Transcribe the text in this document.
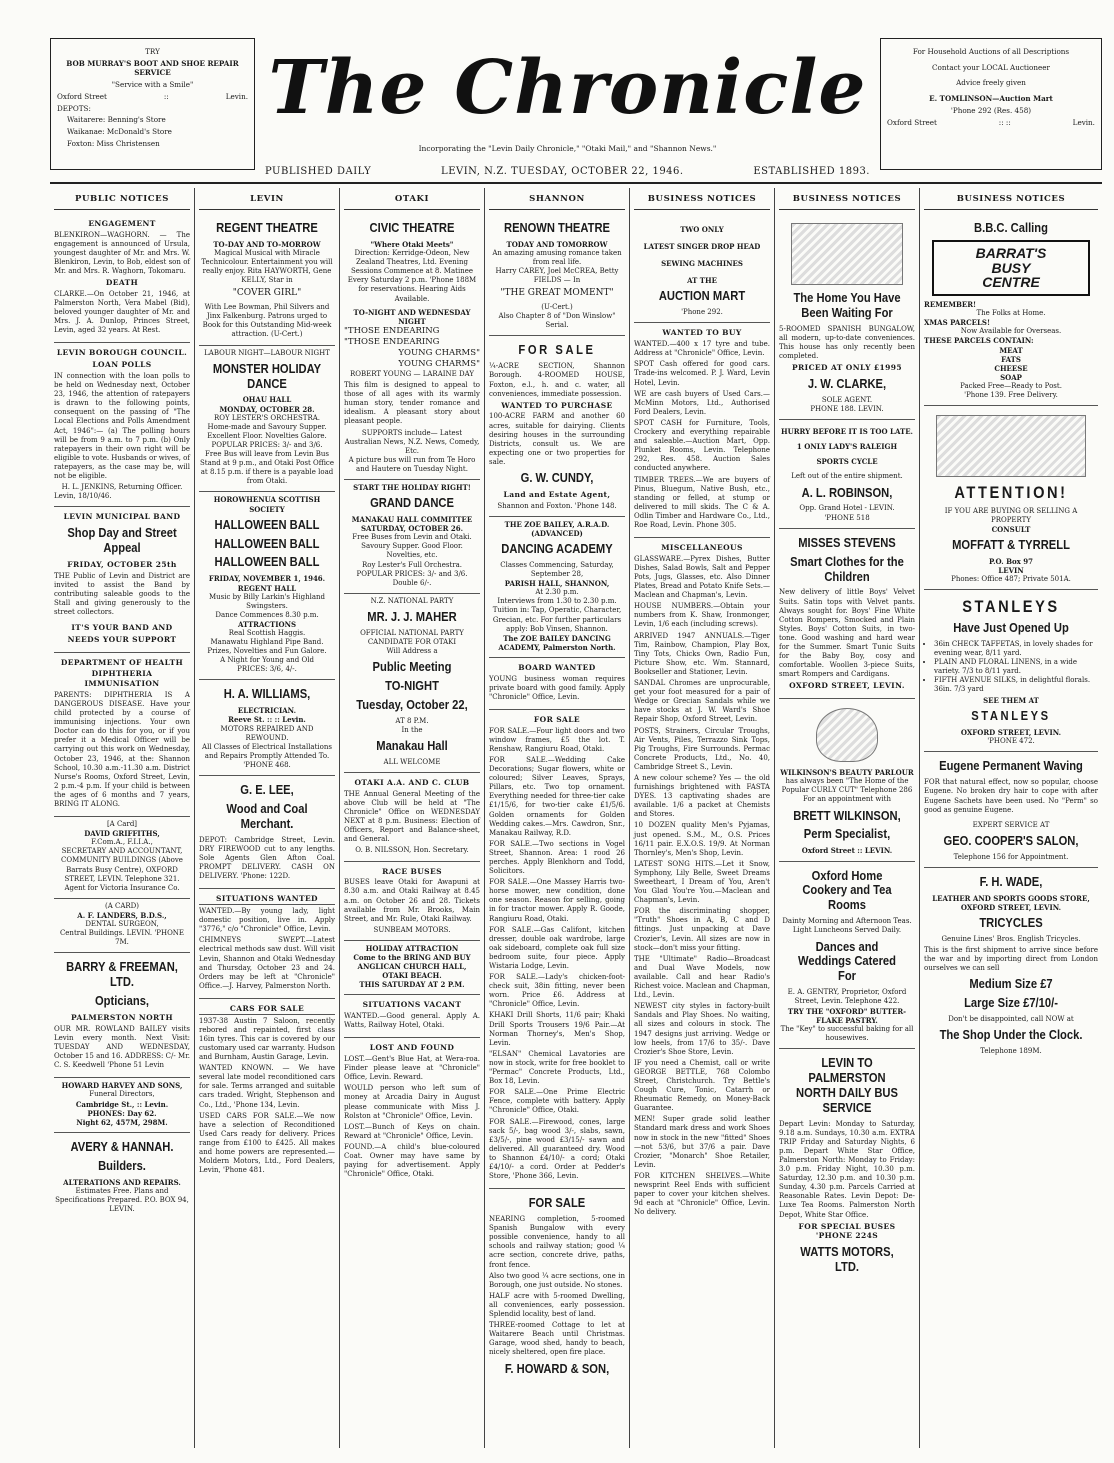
TRY

BOB MURRAY'S BOOT AND SHOE REPAIR SERVICE

"Service with a Smile"

Oxford Street	::	Levin.

DEPOTS:

Waitarere: Benning's Store

Waikanae: McDonald's Store

Foxton: Miss Christensen

The Chronicle
Incorporating the "Levin Daily Chronicle," "Otaki Mail," and "Shannon News."
PUBLISHED DAILY	LEVIN, N.Z. TUESDAY, OCTOBER 22, 1946.	ESTABLISHED 1893.

For Household Auctions of all Descriptions

Contact your LOCAL Auctioneer

Advice freely given

E. TOMLINSON—Auction Mart

'Phone 292 (Res. 458)

Oxford Street	:: ::	Levin.
PUBLIC NOTICES
ENGAGEMENT
BLENKIRON—WAGHORN. — The engagement is announced of Ursula, youngest daughter of Mr. and Mrs. W. Blenkiron, Levin, to Bob, eldest son of Mr. and Mrs. R. Waghorn, Tokomaru.
DEATH
CLARKE.—On October 21, 1946, at Palmerston North, Vera Mabel (Bid), beloved younger daughter of Mr. and Mrs. J. A. Dunlop, Princes Street, Levin, aged 32 years. At Rest.
LEVIN BOROUGH COUNCIL.
LOAN POLLS
IN connection with the loan polls to be held on Wednesday next, October 23, 1946, the attention of ratepayers is drawn to the following points, consequent on the passing of "The Local Elections and Polls Amendment Act, 1946":— (a) The polling hours will be from 9 a.m. to 7 p.m. (b) Only ratepayers in their own right will be eligible to vote. Husbands or wives, of ratepayers, as the case may be, will not be eligible.
H. L. JENKINS, Returning Officer.
Levin, 18/10/46.
LEVIN MUNICIPAL BAND
Shop Day and Street Appeal
FRIDAY, OCTOBER 25th
THE Public of Levin and District are invited to assist the Band by contributing saleable goods to the Stall and giving generously to the street collectors.
IT'S YOUR BAND AND
NEEDS YOUR SUPPORT
DEPARTMENT OF HEALTH
DIPHTHERIA IMMUNISATION
PARENTS: DIPHTHERIA IS A DANGEROUS DISEASE. Have your child protected by a course of immunising injections. Your own Doctor can do this for you, or if you prefer it a Medical Officer will be carrying out this work on Wednesday, October 23, 1946, at the: Shannon School, 10.30 a.m.-11.30 a.m. District Nurse's Rooms, Oxford Street, Levin, 2 p.m.-4 p.m. If your child is between the ages of 6 months and 7 years, BRING IT ALONG.
[A Card]
DAVID GRIFFITHS,
F.Com.A., F.I.I.A.,
SECRETARY AND ACCOUNTANT, COMMUNITY BUILDINGS (Above Barrats Busy Centre), OXFORD STREET, LEVIN. Telephone 321. Agent for Victoria Insurance Co.
(A CARD)
A. F. LANDERS, B.D.S.,
DENTAL SURGEON,
Central Buildings. LEVIN. 'PHONE 7M.
BARRY & FREEMAN, LTD.
Opticians,
PALMERSTON NORTH
OUR MR. ROWLAND BAILEY visits Levin every month. Next Visit: TUESDAY AND WEDNESDAY, October 15 and 16. ADDRESS: C/- Mr. C. S. Keedwell 'Phone 51 Levin
HOWARD HARVEY AND SONS,
Funeral Directors,
Cambridge St., :: Levin.
PHONES: Day 62.
Night 62, 457M, 298M.
AVERY & HANNAH.
Builders.
ALTERATIONS AND REPAIRS.
Estimates Free. Plans and Specifications Prepared. P.O. BOX 94, LEVIN.
LEVIN
REGENT THEATRE
TO-DAY AND TO-MORROW
Magical Musical with Miracle Technicolour. Entertainment you will really enjoy. Rita HAYWORTH, Gene KELLY, Star in
"COVER GIRL"
With Lee Bowman, Phil Silvers and Jinx Falkenburg. Patrons urged to Book for this Outstanding Mid-week attraction. (U-Cert.)
LABOUR NIGHT—LABOUR NIGHT
MONSTER HOLIDAY DANCE
OHAU HALL
MONDAY, OCTOBER 28.
ROY LESTER'S ORCHESTRA.
Home-made and Savoury Supper. Excellent Floor. Novelties Galore.
POPULAR PRICES: 3/- and 3/6.
Free Bus will leave from Levin Bus Stand at 9 p.m., and Otaki Post Office at 8.15 p.m. if there is a payable load from Otaki.
HOROWHENUA SCOTTISH SOCIETY
HALLOWEEN BALL
HALLOWEEN BALL
HALLOWEEN BALL
FRIDAY, NOVEMBER 1, 1946.
REGENT HALL
Music by Billy Larkin's Highland Swingsters.
Dance Commences 8.30 p.m.
ATTRACTIONS
Real Scottish Haggis.
Manawatu Highland Pipe Band.
Prizes, Novelties and Fun Galore.
A Night for Young and Old
PRICES: 3/6, 4/-.
H. A. WILLIAMS,
ELECTRICIAN.
Reeve St. :: :: Levin.
MOTORS REPAIRED AND REWOUND.
All Classes of Electrical Installations and Repairs Promptly Attended To.
'PHONE 468.
G. E. LEE,
Wood and Coal Merchant.
DEPOT: Cambridge Street, Levin. DRY FIREWOOD cut to any lengths. Sole Agents Glen Afton Coal. PROMPT DELIVERY. CASH ON DELIVERY. 'Phone: 122D.
SITUATIONS WANTED
WANTED.—By young lady, light domestic position, live in. Apply "3776," c/o "Chronicle" Office, Levin.
CHIMNEYS SWEPT.—Latest electrical methods saw dust. Will visit Levin, Shannon and Otaki Wednesday and Thursday, October 23 and 24. Orders may be left at "Chronicle" Office.—J. Harvey, Palmerston North.
CARS FOR SALE
1937-38 Austin 7 Saloon, recently rebored and repainted, first class 16in tyres. This car is covered by our customary used car warranty. Hudson and Burnham, Austin Garage, Levin.
WANTED KNOWN. — We have several late model reconditioned cars for sale. Terms arranged and suitable cars traded. Wright, Stephenson and Co., Ltd., 'Phone 134, Levin.
USED CARS FOR SALE.—We now have a selection of Reconditioned Used Cars ready for delivery. Prices range from £100 to £425. All makes and home powers are represented.—Moldern Motors, Ltd., Ford Dealers, Levin, 'Phone 481.
OTAKI
CIVIC THEATRE
"Where Otaki Meets"
Direction: Kerridge-Odeon, New Zealand Theatres, Ltd. Evening Sessions Commence at 8. Matinee Every Saturday 2 p.m. 'Phone 188M for reservations. Hearing Aids Available.
TO-NIGHT AND WEDNESDAY NIGHT
"THOSE ENDEARING
"THOSE ENDEARING
YOUNG CHARMS"
YOUNG CHARMS"
ROBERT YOUNG — LARAINE DAY
This film is designed to appeal to those of all ages with its warmly human story, tender romance and idealism. A pleasant story about pleasant people.
SUPPORTS include— Latest Australian News, N.Z. News, Comedy, Etc.
A picture bus will run from Te Horo and Hautere on Tuesday Night.
START THE HOLIDAY RIGHT!
GRAND DANCE
MANAKAU HALL COMMITTEE
SATURDAY, OCTOBER 26.
Free Buses from Levin and Otaki.
Savoury Supper. Good Floor. Novelties, etc.
Roy Lester's Full Orchestra. POPULAR PRICES: 3/- and 3/6. Double 6/-.
N.Z. NATIONAL PARTY
MR. J. J. MAHER
OFFICIAL NATIONAL PARTY CANDIDATE FOR OTAKI
Will Address a
Public Meeting
TO-NIGHT
Tuesday, October 22,
AT 8 P.M.
In the
Manakau Hall
ALL WELCOME
OTAKI A.A. AND C. CLUB
THE Annual General Meeting of the above Club will be held at "The Chronicle" Office on WEDNESDAY NEXT at 8 p.m. Business: Election of Officers, Report and Balance-sheet, and General.
O. B. NILSSON, Hon. Secretary.
RACE BUSES
BUSES leave Otaki for Awapuni at 8.30 a.m. and Otaki Railway at 8.45 a.m. on October 26 and 28. Tickets available from Mr. Brooks, Main Street, and Mr. Rule, Otaki Railway.
SUNBEAM MOTORS.
HOLIDAY ATTRACTION
Come to the BRING AND BUY
ANGLICAN CHURCH HALL,
OTAKI BEACH.
THIS SATURDAY AT 2 P.M.
SITUATIONS VACANT
WANTED.—Good general. Apply A. Watts, Railway Hotel, Otaki.
LOST AND FOUND
LOST.—Gent's Blue Hat, at Wera-roa. Finder please leave at "Chronicle" Office, Levin. Reward.
WOULD person who left sum of money at Arcadia Dairy in August please communicate with Miss J. Rolston at "Chronicle" Office, Levin.
LOST.—Bunch of Keys on chain. Reward at "Chronicle" Office, Levin.
FOUND.—A child's blue-coloured Coat. Owner may have same by paying for advertisement. Apply "Chronicle" Office, Otaki.
SHANNON
RENOWN THEATRE
TODAY AND TOMORROW
An amazing amusing romance taken from real life.
Harry CAREY, Joel McCREA, Betty FIELDS — In
"THE GREAT MOMENT"
(U-Cert.)
Also Chapter 8 of "Don Winslow" Serial.
FOR SALE
¼-ACRE SECTION, Shannon Borough. 4-ROOMED HOUSE, Foxton, e.l., h. and c. water, all conveniences, immediate possession.
WANTED TO PURCHASE
100-ACRE FARM and another 60 acres, suitable for dairying. Clients desiring houses in the surrounding Districts, consult us. We are expecting one or two properties for sale.
G. W. CUNDY,
Land and Estate Agent,
Shannon and Foxton. 'Phone 148.
THE ZOE BAILEY, A.R.A.D. (ADVANCED)
DANCING ACADEMY
Classes Commencing, Saturday, September 28,
PARISH HALL, SHANNON,
At 2.30 p.m.
Interviews from 1.30 to 2.30 p.m. Tuition in: Tap, Operatic, Character, Grecian, etc. For further particulars apply: Bob Vinsen, Shannon.
The ZOE BAILEY DANCING ACADEMY, Palmerston North.
BOARD WANTED
YOUNG business woman requires private board with good family. Apply "Chronicle" Office, Levin.
FOR SALE
FOR SALE.—Four light doors and two window frames, £5 the lot. T. Renshaw, Rangiuru Road, Otaki.
FOR SALE.—Wedding Cake Decorations; Sugar flowers, white or coloured; Silver Leaves, Sprays, Pillars, etc. Two top ornament. Everything needed for three-tier cake £1/15/6, for two-tier cake £1/5/6. Golden ornaments for Golden Wedding cakes.—Mrs. Cawdron, Snr., Manakau Railway, R.D.
FOR SALE.—Two sections in Vogel Street, Shannon. Area: 1 rood 26 perches. Apply Blenkhorn and Todd, Solicitors.
FOR SALE.—One Massey Harris two-horse mower, new condition, done one season. Reason for selling, going in for tractor mower. Apply R. Goode, Rangiuru Road, Otaki.
FOR SALE.—Gas Califont, kitchen dresser, double oak wardrobe, large oak sideboard, complete oak full size bedroom suite, four piece. Apply Wistaria Lodge, Levin.
FOR SALE.—Lady's chicken-foot-check suit, 38in fitting, never been worn. Price £6. Address at "Chronicle" Office, Levin.
KHAKI Drill Shorts, 11/6 pair; Khaki Drill Sports Trousers 19/6 Pair.—At Norman Thorney's, Men's Shop, Levin.
"ELSAN" Chemical Lavatories are now in stock, write for free booklet to "Permac" Concrete Products, Ltd., Box 18, Levin.
FOR SALE.—One Prime Electric Fence, complete with battery. Apply "Chronicle" Office, Otaki.
FOR SALE.—Firewood, cones, large sack 5/-, bag wood 3/-, slabs, sawn, £3/5/-, pine wood £3/15/- sawn and delivered. All guaranteed dry. Wood to Shannon £4/10/- a cord; Otaki £4/10/- a cord. Order at Pedder's Store, 'Phone 366, Levin.
FOR SALE
NEARING completion, 5-roomed Spanish Bungalow with every possible convenience, handy to all schools and railway station; good ¼ acre section, concrete drive, paths, front fence.
Also two good ¼ acre sections, one in Borough, one just outside. No stones.
HALF acre with 5-roomed Dwelling, all conveniences, early possession. Splendid locality, best of land.
THREE-roomed Cottage to let at Waitarere Beach until Christmas. Garage, wood shed, handy to beach, nicely sheltered, open fire place.
F. HOWARD & SON,
BUSINESS NOTICES
TWO ONLY
LATEST SINGER DROP HEAD
SEWING MACHINES
AT THE
AUCTION MART
'Phone 292.
WANTED TO BUY
WANTED.—400 x 17 tyre and tube. Address at "Chronicle" Office, Levin.
SPOT Cash offered for good cars. Trade-ins welcomed. P. J. Ward, Levin Hotel, Levin.
WE are cash buyers of Used Cars.—McMinn Motors, Ltd., Authorised Ford Dealers, Levin.
SPOT CASH for Furniture, Tools, Crockery and everything repairable and saleable.—Auction Mart, Opp. Plunket Rooms, Levin. Telephone 292, Res. 458. Auction Sales conducted anywhere.
TIMBER TREES.—We are buyers of Pinus, Bluegum, Native Bush, etc., standing or felled, at stump or delivered to mill skids. The C & A. Odlin Timber and Hardware Co., Ltd., Roe Road, Levin. Phone 305.
MISCELLANEOUS
GLASSWARE.—Pyrex Dishes, Butter Dishes, Salad Bowls, Salt and Pepper Pots, Jugs, Glasses, etc. Also Dinner Plates, Bread and Potato Knife Sets.—Maclean and Chapman's, Levin.
HOUSE NUMBERS.—Obtain your numbers from K. Shaw, Ironmonger, Levin, 1/6 each (including screws).
ARRIVED 1947 ANNUALS.—Tiger Tim, Rainbow, Champion, Play Box, Tiny Tots, Chicks Own, Radio Fun, Picture Show, etc. Wm. Stannard, Bookseller and Stationer, Levin.
SANDAL Chromes are unprocurable, get your foot measured for a pair of Wedge or Grecian Sandals while we have stocks at J. W. Ward's Shoe Repair Shop, Oxford Street, Levin.
POSTS, Strainers, Circular Troughs, Air Vents, Piles, Terrazzo Sink Tops, Pig Troughs, Fire Surrounds. Permac Concrete Products, Ltd., No. 40, Cambridge Street S., Levin.
A new colour scheme? Yes — the old furnishings brightened with FASTA DYES. 13 captivating shades are available. 1/6 a packet at Chemists and Stores.
10 DOZEN quality Men's Pyjamas, just opened. S.M., M., O.S. Prices 16/11 pair. E.X.O.S. 19/9. At Norman Thornley's, Men's Shop, Levin.
LATEST SONG HITS.—Let it Snow, Symphony, Lily Belle, Sweet Dreams Sweetheart, I Dream of You, Aren't You Glad You're You.—Maclean and Chapman's, Levin.
FOR the discriminating shopper, "Truth" Shoes in A, B, C and D fittings. Just unpacking at Dave Crozier's, Levin. All sizes are now in stock—don't miss your fitting.
THE "Ultimate" Radio—Broadcast and Dual Wave Models, now available. Call and hear Radio's Richest voice. Maclean and Chapman, Ltd., Levin.
NEWEST city styles in factory-built Sandals and Play Shoes. No waiting, all sizes and colours in stock. The 1947 designs just arriving. Wedge or low heels, from 17/6 to 35/-. Dave Crozier's Shoe Store, Levin.
IF you need a Chemist, call or write GEORGE BETTLE, 768 Colombo Street, Christchurch. Try Bettle's Cough Cure, Tonic, Catarrh or Rheumatic Remedy, on Money-Back Guarantee.
MEN! Super grade solid leather Standard mark dress and work Shoes now in stock in the new "fitted" Shoes—not 53/6, but 37/6 a pair. Dave Crozier, "Monarch" Shoe Retailer, Levin.
FOR KITCHEN SHELVES.—White newsprint Reel Ends with sufficient paper to cover your kitchen shelves. 9d each at "Chronicle" Office, Levin. No delivery.
BUSINESS NOTICES
The Home You Have Been Waiting For
5-ROOMED SPANISH BUNGALOW, all modern, up-to-date conveniences. This house has only recently been completed.
PRICED AT ONLY £1995
J. W. CLARKE,
SOLE AGENT.
PHONE 188. LEVIN.
HURRY BEFORE IT IS TOO LATE.
1 ONLY LADY'S RALEIGH
SPORTS CYCLE
Left out of the entire shipment.
A. L. ROBINSON,
Opp. Grand Hotel - LEVIN.
'PHONE 518
MISSES STEVENS
Smart Clothes for the Children
New delivery of little Boys' Velvet Suits. Satin tops with Velvet pants. Always sought for. Boys' Fine White Cotton Rompers, Smocked and Plain Styles. Boys' Cotton Suits, in two-tone. Good washing and hard wear for the Summer. Smart Tunic Suits for the Baby Boy, cosy and comfortable. Woollen 3-piece Suits, smart Rompers and Cardigans.
OXFORD STREET, LEVIN.
WILKINSON'S BEAUTY PARLOUR
has always been "The Home of the Popular CURLY CUT" Telephone 286 For an appointment with
BRETT WILKINSON,
Perm Specialist,
Oxford Street :: LEVIN.
Oxford Home Cookery and Tea Rooms
Dainty Morning and Afternoon Teas. Light Luncheons Served Daily.
Dances and Weddings Catered For
E. A. GENTRY, Proprietor, Oxford Street, Levin. Telephone 422.
TRY THE "OXFORD" BUTTER-FLAKE PASTRY.
The "Key" to successful baking for all housewives.
LEVIN TO PALMERSTON NORTH DAILY BUS SERVICE
Depart Levin: Monday to Saturday, 9.18 a.m. Sundays, 10.30 a.m. EXTRA TRIP Friday and Saturday Nights, 6 p.m. Depart White Star Office, Palmerston North: Monday to Friday: 3.0 p.m. Friday Night, 10.30 p.m. Saturday, 12.30 p.m. and 10.30 p.m. Sunday, 4.30 p.m. Parcels Carried at Reasonable Rates. Levin Depot: De-Luxe Tea Rooms. Palmerston North Depot, White Star Office.
FOR SPECIAL BUSES 'PHONE 224S
WATTS MOTORS, LTD.
BUSINESS NOTICES
B.B.C. Calling
BARRAT'S
BUSY
CENTRE
REMEMBER!
The Folks at Home.
XMAS PARCELS!
Now Available for Overseas.
THESE PARCELS CONTAIN:
MEAT
FATS
CHEESE
SOAP
Packed Free—Ready to Post.
'Phone 139. Free Delivery.
ATTENTION!
IF YOU ARE BUYING OR SELLING A PROPERTY
CONSULT
MOFFATT & TYRRELL
P.O. Box 97
LEVIN
Phones: Office 487; Private 501A.
STANLEYS
Have Just Opened Up
• 36in CHECK TAFFETAS, in lovely shades for evening wear, 8/11 yard.
• PLAIN AND FLORAL LINENS, in a wide variety. 7/3 to 8/11 yard.
• FIFTH AVENUE SILKS, in delightful florals. 36in. 7/3 yard
SEE THEM AT
STANLEYS
OXFORD STREET, LEVIN.
'PHONE 472.
Eugene Permanent Waving
FOR that natural effect, now so popular, choose Eugene. No broken dry hair to cope with after Eugene Sachets have been used. No "Perm" so good as genuine Eugene.
EXPERT SERVICE AT
GEO. COOPER'S SALON,
Telephone 156 for Appointment.
F. H. WADE,
LEATHER AND SPORTS GOODS STORE,
OXFORD STREET, LEVIN.
TRICYCLES
Genuine Lines' Bros. English Tricycles.
This is the first shipment to arrive since before the war and by importing direct from London ourselves we can sell
Medium Size £7
Large Size £7/10/-
Don't be disappointed, call NOW at
The Shop Under the Clock.
Telephone 189M.
